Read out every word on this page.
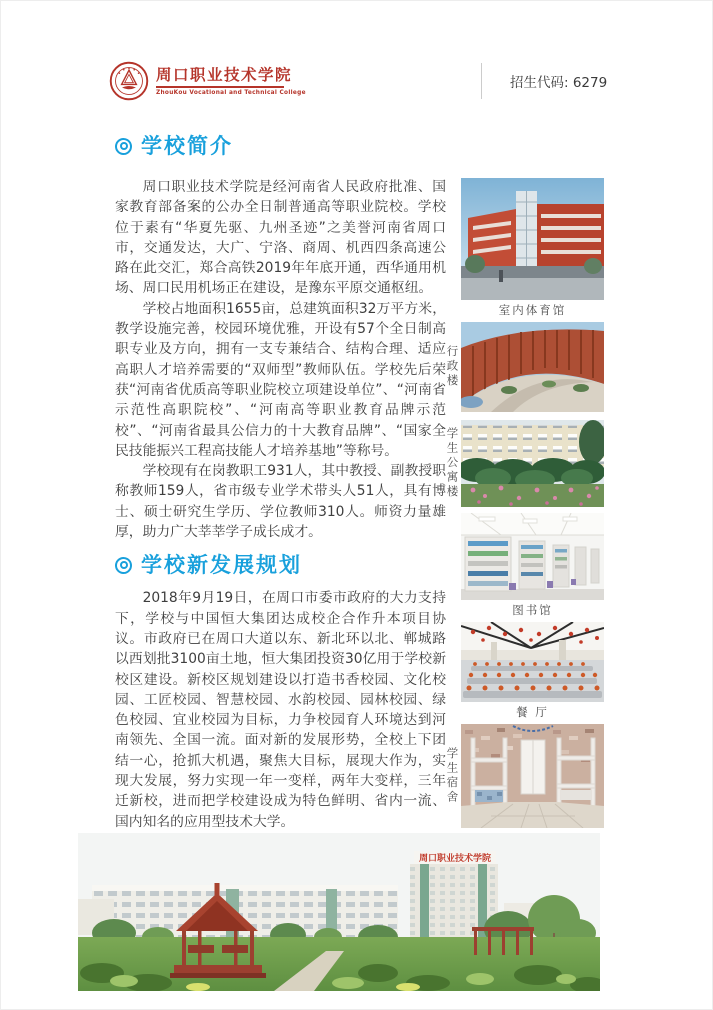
周口职业技术学院
ZhouKou Vocational and Technical College
招生代码: 6279
学校简介

周口职业技术学院是经河南省人民政府批准、国家教育部备案的公办全日制普通高等职业院校。学校位于素有“华夏先驱、九州圣迹”之美誉河南省周口市，交通发达，大广、宁洛、商周、机西四条高速公路在此交汇，郑合高铁2019年年底开通，西华通用机场、周口民用机场正在建设，是豫东平原交通枢纽。

学校占地面积1655亩，总建筑面积32万平方米，教学设施完善，校园环境优雅，开设有57个全日制高职专业及方向，拥有一支专兼结合、结构合理、适应高职人才培养需要的“双师型”教师队伍。学校先后荣获“河南省优质高等职业院校立项建设单位”、“河南省示范性高职院校”、“河南高等职业教育品牌示范校”、“河南省最具公信力的十大教育品牌”、“国家全民技能振兴工程高技能人才培养基地”等称号。

学校现有在岗教职工931人，其中教授、副教授职称教师159人，省市级专业学术带头人51人，具有博士、硕士研究生学历、学位教师310人。师资力量雄厚，助力广大莘莘学子成长成才。

学校新发展规划

2018年9月19日，在周口市委市政府的大力支持下，学校与中国恒大集团达成校企合作升本项目协议。市政府已在周口大道以东、新北环以北、郸城路以西划批3100亩土地，恒大集团投资30亿用于学校新校区建设。新校区规划建设以打造书香校园、文化校园、工匠校园、智慧校园、水韵校园、园林校园、绿色校园、宜业校园为目标，力争校园育人环境达到河南领先、全国一流。面对新的发展形势，全校上下团结一心，抢抓大机遇，聚焦大目标，展现大作为，实现大发展，努力实现一年一变样，两年大变样，三年迁新校，进而把学校建设成为特色鲜明、省内一流、国内知名的应用型技术大学。

室内体育馆
行政楼
学生公寓楼
图书馆
餐 厅
学生宿舍
周口职业技术学院
